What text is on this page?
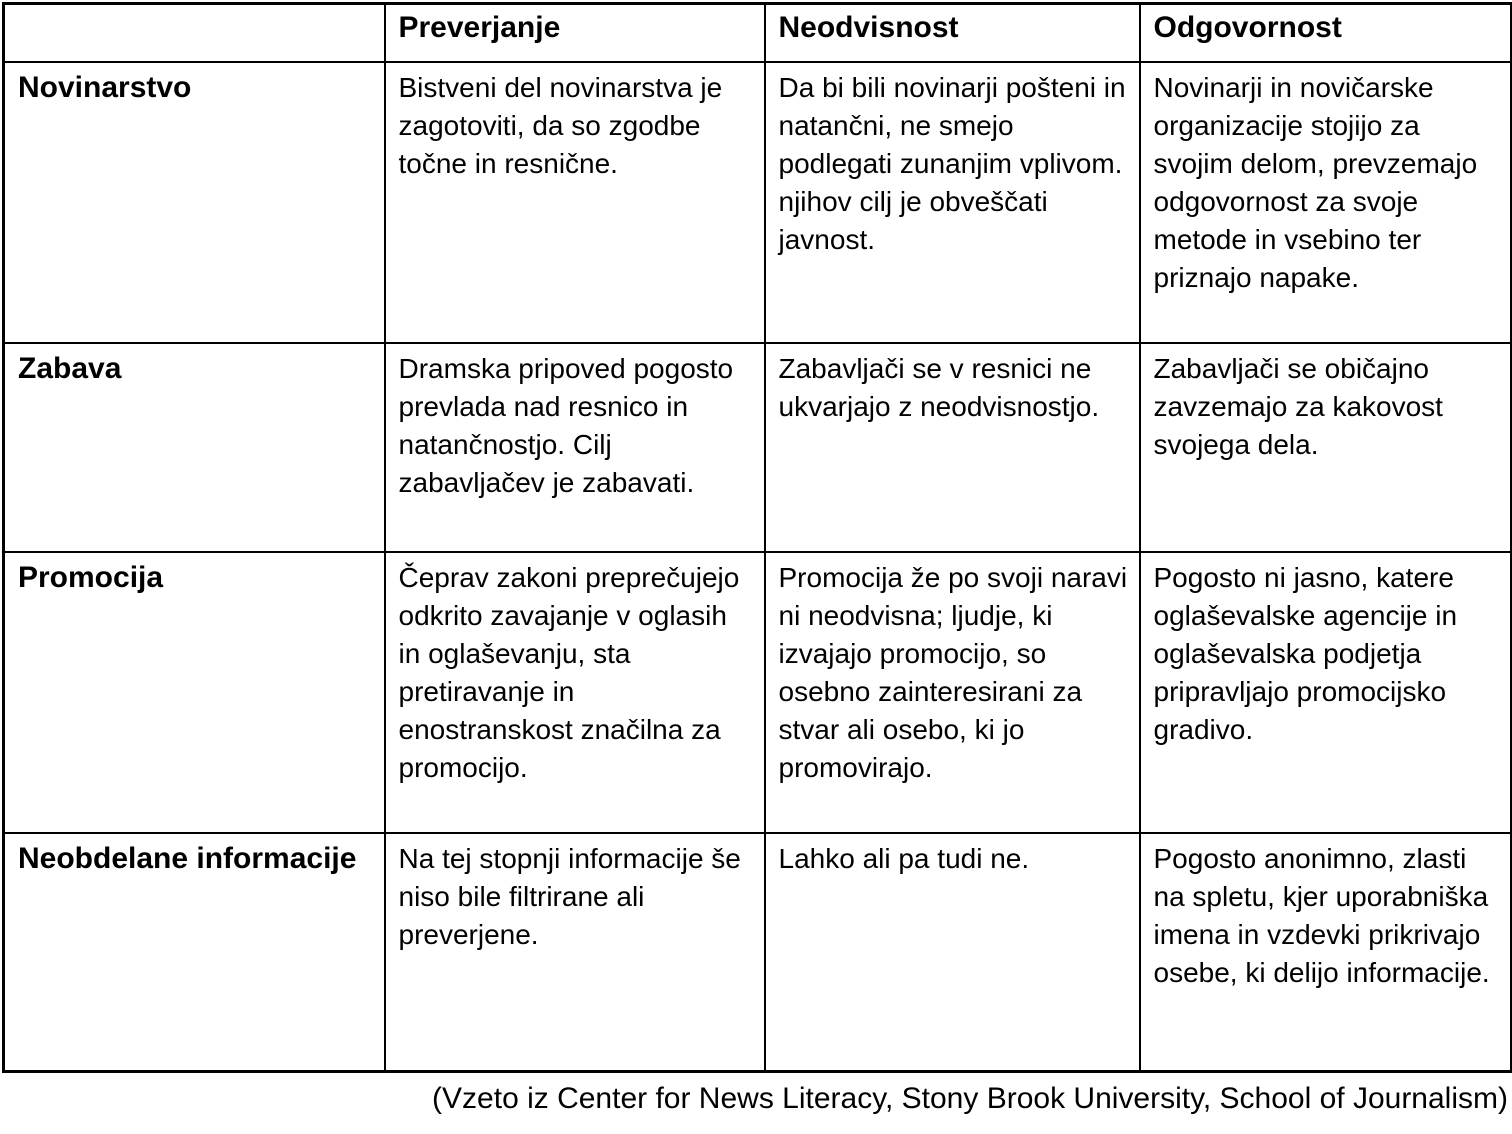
	Preverjanje	Neodvisnost	Odgovornost
Novinarstvo	Bistveni del novinarstva je zagotoviti, da so zgodbe točne in resnične.	Da bi bili novinarji pošteni in natančni, ne smejo podlegati zunanjim vplivom. njihov cilj je obveščati javnost.	Novinarji in novičarske organizacije stojijo za svojim delom, prevzemajo odgovornost za svoje metode in vsebino ter priznajo napake.
Zabava	Dramska pripoved pogosto prevlada nad resnico in natančnostjo. Cilj zabavljačev je zabavati.	Zabavljači se v resnici ne ukvarjajo z neodvisnostjo.	Zabavljači se običajno zavzemajo za kakovost svojega dela.
Promocija	Čeprav zakoni preprečujejo odkrito zavajanje v oglasih in oglaševanju, sta pretiravanje in enostranskost značilna za promocijo.	Promocija že po svoji naravi ni neodvisna; ljudje, ki izvajajo promocijo, so osebno zainteresirani za stvar ali osebo, ki jo promovirajo.	Pogosto ni jasno, katere oglaševalske agencije in oglaševalska podjetja pripravljajo promocijsko gradivo.
Neobdelane informacije	Na tej stopnji informacije še niso bile filtrirane ali preverjene.	Lahko ali pa tudi ne.	Pogosto anonimno, zlasti na spletu, kjer uporabniška imena in vzdevki prikrivajo osebe, ki delijo informacije.
(Vzeto iz Center for News Literacy, Stony Brook University, School of Journalism)
